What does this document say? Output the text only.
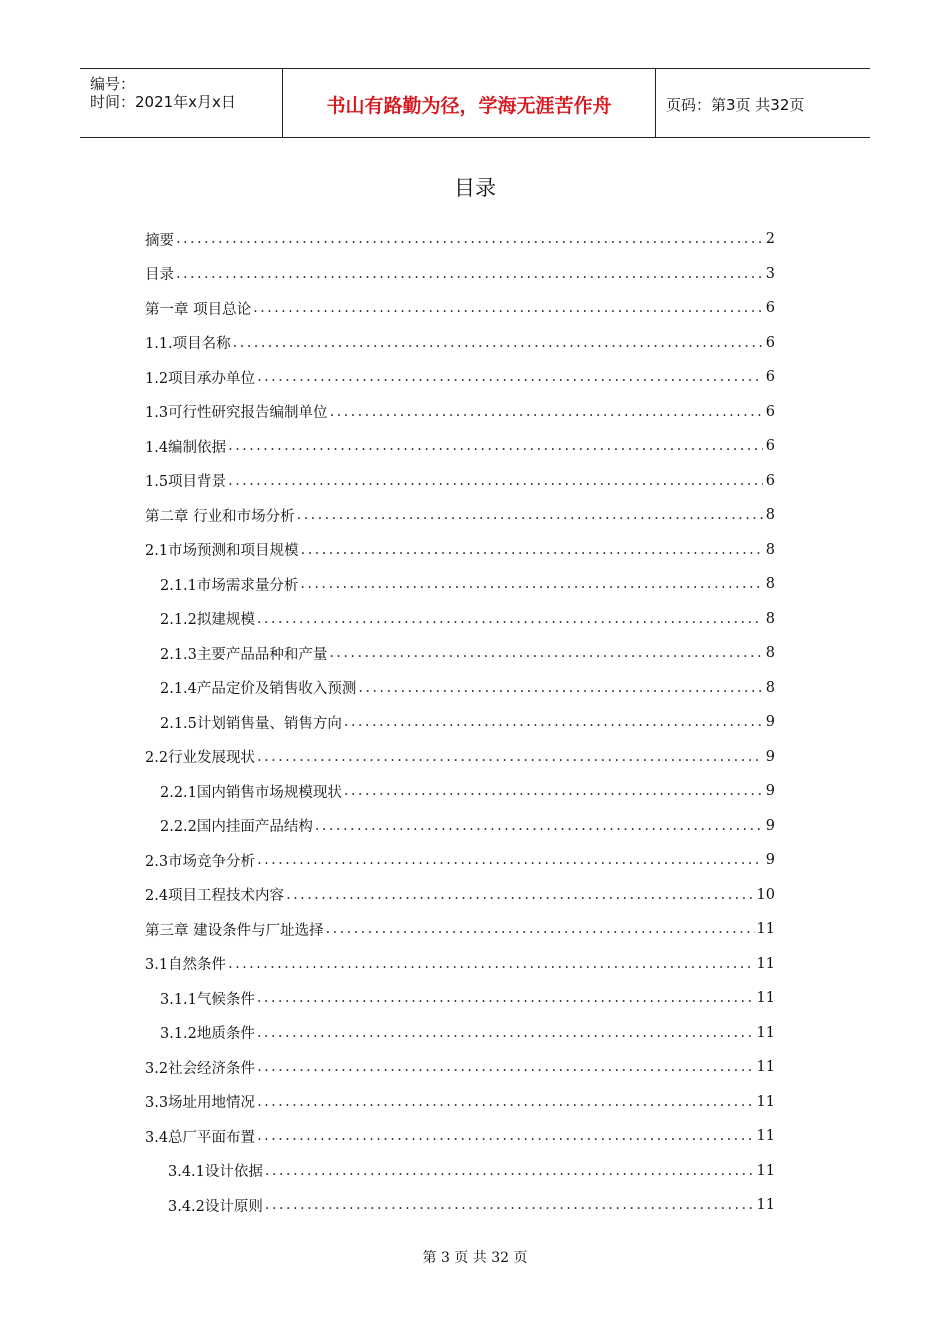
编号：
时间：2021年x月x日	书山有路勤为径，学海无涯苦作舟	页码：第3页 共32页
目录
摘要 .....	2
目录 .....	3
第一章 项目总论 .....	6
1.1.项目名称 .....	6
1.2项目承办单位 .....	6
1.3可行性研究报告编制单位 .....	6
1.4编制依据 .....	6
1.5项目背景 .....	6
第二章 行业和市场分析 .....	8
2.1市场预测和项目规模 .....	8
2.1.1市场需求量分析 .....	8
2.1.2拟建规模 .....	8
2.1.3主要产品品种和产量 .....	8
2.1.4产品定价及销售收入预测 .....	8
2.1.5计划销售量、销售方向 .....	9
2.2行业发展现状 .....	9
2.2.1国内销售市场规模现状 .....	9
2.2.2国内挂面产品结构 .....	9
2.3市场竞争分析 .....	9
2.4项目工程技术内容 .....	10
第三章 建设条件与厂址选择 .....	11
3.1自然条件 .....	11
3.1.1气候条件 .....	11
3.1.2地质条件 .....	11
3.2社会经济条件 .....	11
3.3场址用地情况 .....	11
3.4总厂平面布置 .....	11
3.4.1设计依据 .....	11
3.4.2设计原则 .....	11
第 3 页 共 32 页
